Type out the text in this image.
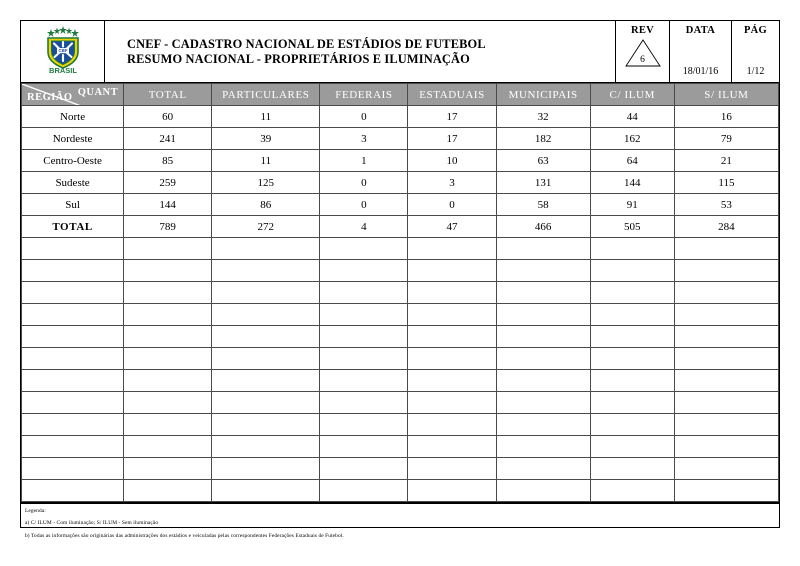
CBF
BRASIL
CNEF - CADASTRO NACIONAL DE ESTÁDIOS DE FUTEBOL
RESUMO NACIONAL - PROPRIETÁRIOS E ILUMINAÇÃO
REV
6
DATA
18/01/16
PÁG
1/12
QUANT
REGIÃO	TOTAL	PARTICULARES	FEDERAIS	ESTADUAIS	MUNICIPAIS	C/ ILUM	S/ ILUM
Norte	60	11	0	17	32	44	16
Nordeste	241	39	3	17	182	162	79
Centro-Oeste	85	11	1	10	63	64	21
Sudeste	259	125	0	3	131	144	115
Sul	144	86	0	0	58	91	53
TOTAL	789	272	4	47	466	505	284

Legenda:
a) C/ ILUM - Com iluminação; S/ ILUM - Sem iluminação
b) Todas as informações são originárias das administrações dos estádios e veiculadas pelas correspondentes Federações Estaduais de Futebol.
